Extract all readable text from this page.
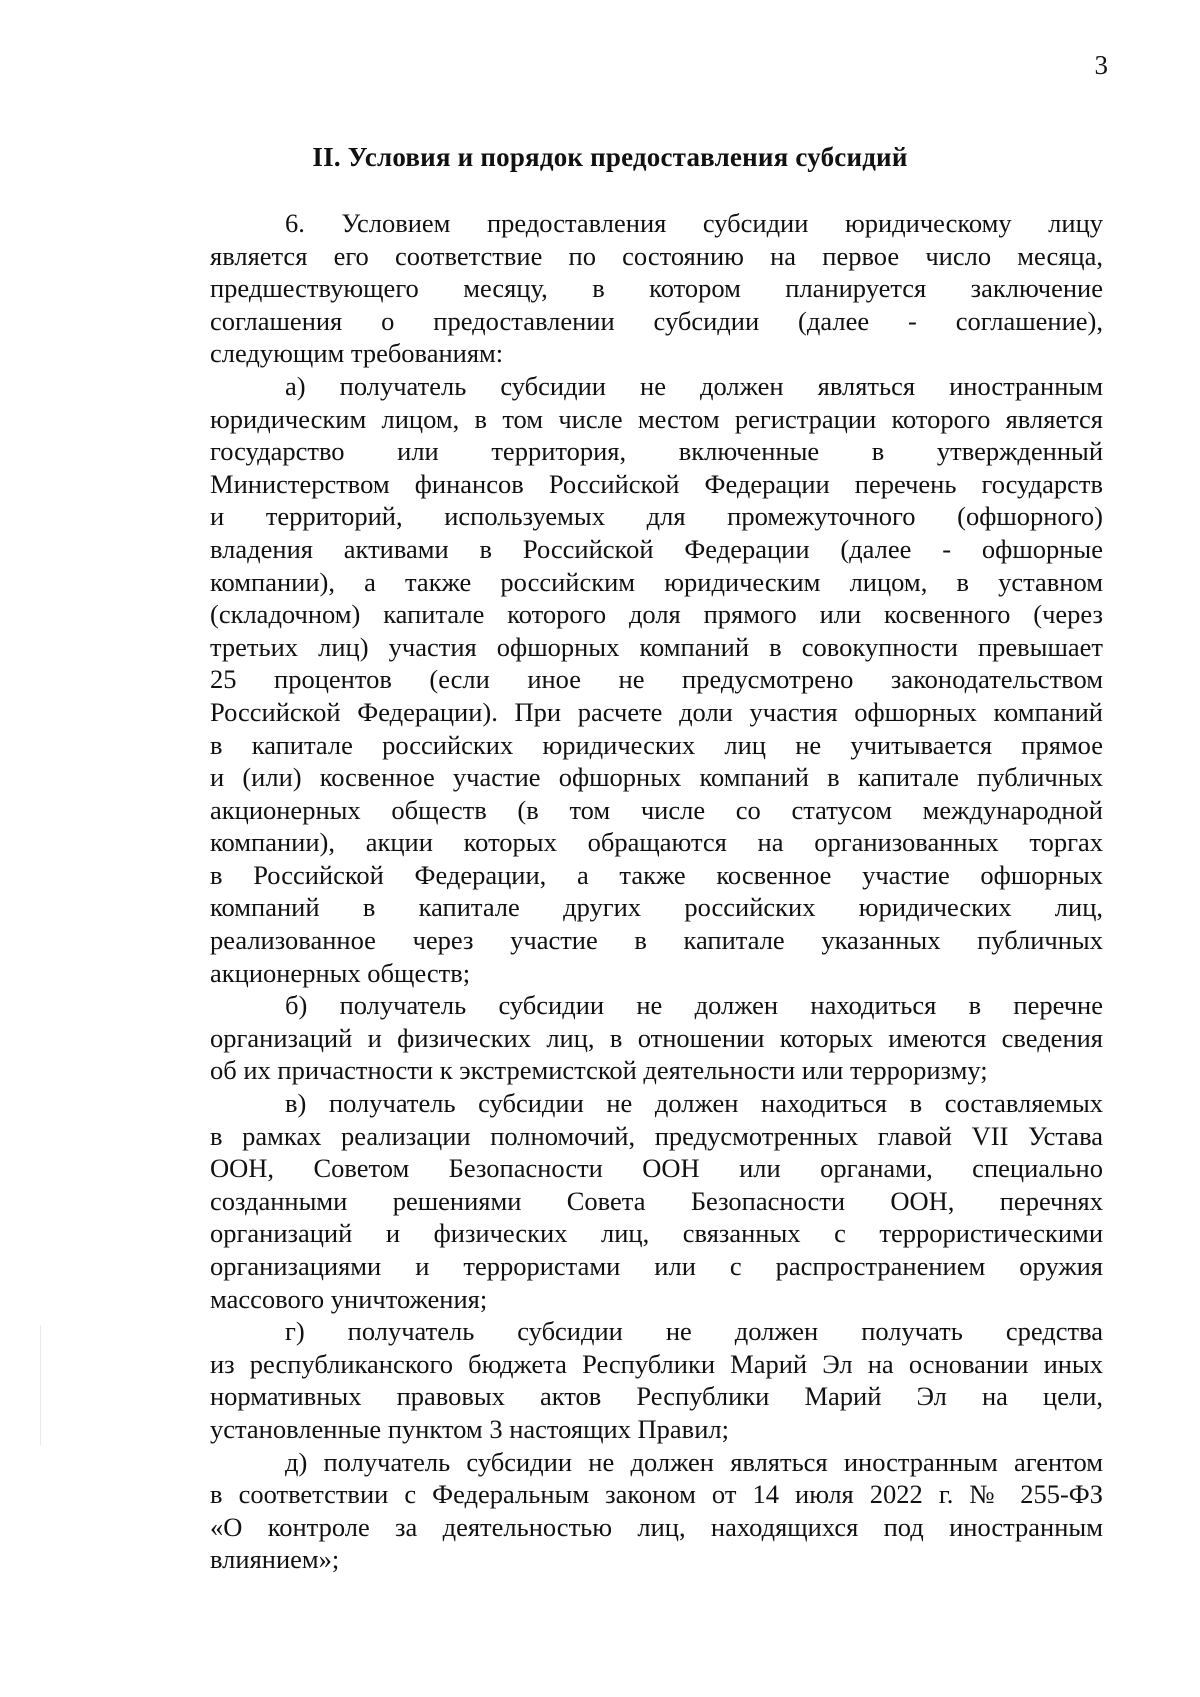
3
II. Условия и порядок предоставления субсидий

6. Условием предоставления субсидии юридическому лицу
является его соответствие по состоянию на первое число месяца,
предшествующего месяцу, в котором планируется заключение
соглашения о предоставлении субсидии (далее - соглашение),
следующим требованиям:

а) получатель субсидии не должен являться иностранным
юридическим лицом, в том числе местом регистрации которого является
государство или территория, включенные в утвержденный
Министерством финансов Российской Федерации перечень государств
и территорий, используемых для промежуточного (офшорного)
владения активами в Российской Федерации (далее - офшорные
компании), а также российским юридическим лицом, в уставном
(складочном) капитале которого доля прямого или косвенного (через
третьих лиц) участия офшорных компаний в совокупности превышает
25 процентов (если иное не предусмотрено законодательством
Российской Федерации). При расчете доли участия офшорных компаний
в капитале российских юридических лиц не учитывается прямое
и (или) косвенное участие офшорных компаний в капитале публичных
акционерных обществ (в том числе со статусом международной
компании), акции которых обращаются на организованных торгах
в Российской Федерации, а также косвенное участие офшорных
компаний в капитале других российских юридических лиц,
реализованное через участие в капитале указанных публичных
акционерных обществ;

б) получатель субсидии не должен находиться в перечне
организаций и физических лиц, в отношении которых имеются сведения
об их причастности к экстремистской деятельности или терроризму;

в) получатель субсидии не должен находиться в составляемых
в рамках реализации полномочий, предусмотренных главой VII Устава
ООН, Советом Безопасности ООН или органами, специально
созданными решениями Совета Безопасности ООН, перечнях
организаций и физических лиц, связанных с террористическими
организациями и террористами или с распространением оружия
массового уничтожения;

г) получатель субсидии не должен получать средства
из республиканского бюджета Республики Марий Эл на основании иных
нормативных правовых актов Республики Марий Эл на цели,
установленные пунктом 3 настоящих Правил;

д) получатель субсидии не должен являться иностранным агентом
в соответствии с Федеральным законом от 14 июля 2022 г. № 255-ФЗ
«О контроле за деятельностью лиц, находящихся под иностранным
влиянием»;
